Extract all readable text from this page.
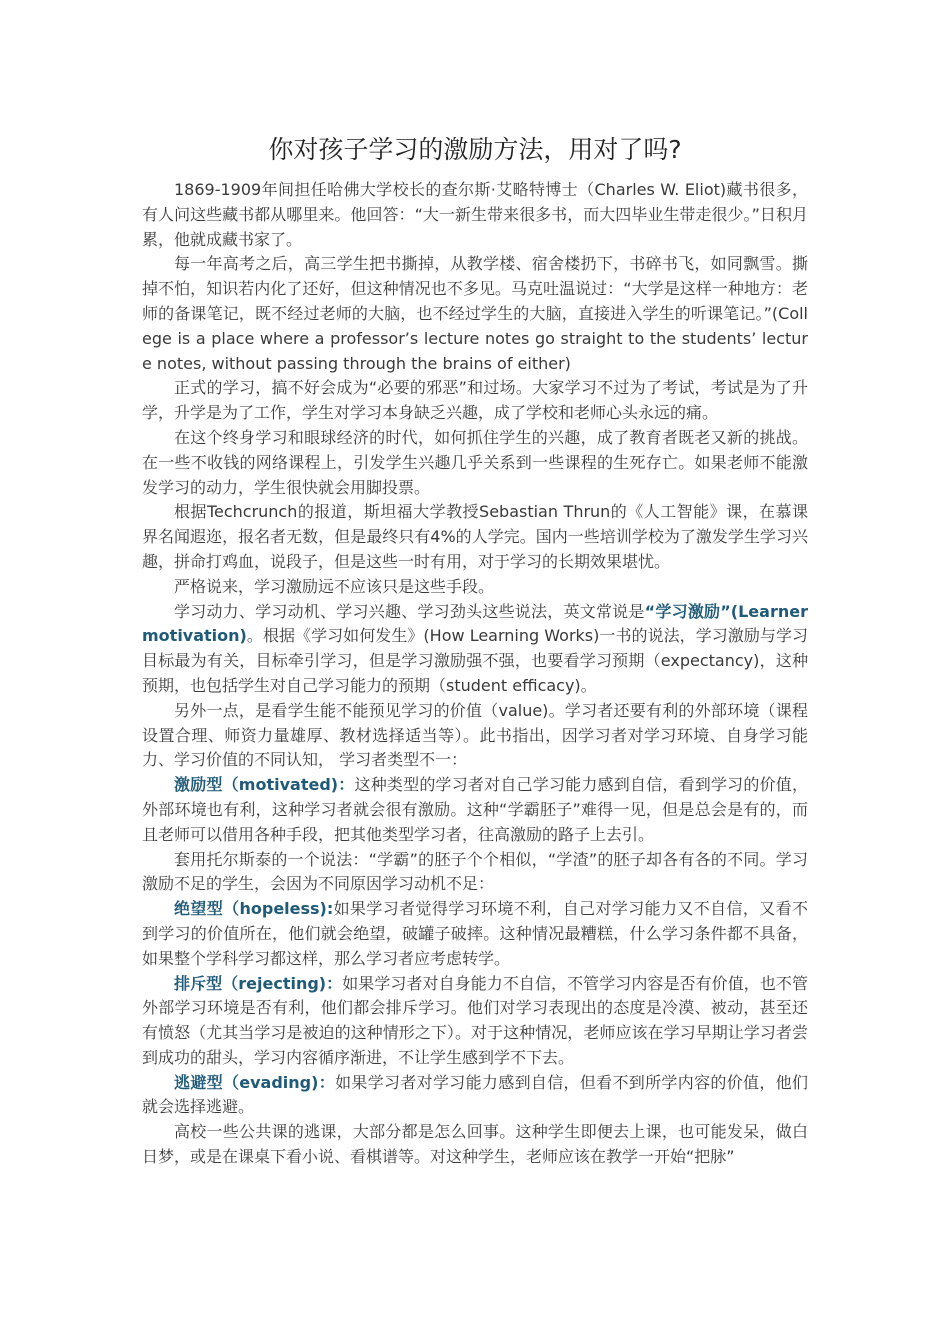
你对孩子学习的激励方法，用对了吗?

1869-1909年间担任哈佛大学校长的查尔斯·艾略特博士（Charles W. Eliot)藏书很多，有人问这些藏书都从哪里来。他回答：“大一新生带来很多书，而大四毕业生带走很少。”日积月累，他就成藏书家了。

每一年高考之后，高三学生把书撕掉，从教学楼、宿舍楼扔下，书碎书飞，如同飘雪。撕掉不怕，知识若内化了还好，但这种情况也不多见。马克吐温说过：“大学是这样一种地方：老师的备课笔记，既不经过老师的大脑，也不经过学生的大脑，直接进入学生的听课笔记。”(College is a place where a professor’s lecture notes go straight to the students’ lecture notes, without passing through the brains of either)

正式的学习，搞不好会成为“必要的邪恶”和过场。大家学习不过为了考试，考试是为了升学，升学是为了工作，学生对学习本身缺乏兴趣，成了学校和老师心头永远的痛。

在这个终身学习和眼球经济的时代，如何抓住学生的兴趣，成了教育者既老又新的挑战。在一些不收钱的网络课程上，引发学生兴趣几乎关系到一些课程的生死存亡。如果老师不能激发学习的动力，学生很快就会用脚投票。

根据Techcrunch的报道，斯坦福大学教授Sebastian Thrun的《人工智能》课，在慕课界名闻遐迩，报名者无数，但是最终只有4%的人学完。国内一些培训学校为了激发学生学习兴趣，拼命打鸡血，说段子，但是这些一时有用，对于学习的长期效果堪忧。

严格说来，学习激励远不应该只是这些手段。

学习动力、学习动机、学习兴趣、学习劲头这些说法，英文常说是“学习激励”(Learner motivation)。根据《学习如何发生》(How Learning Works)一书的说法，学习激励与学习目标最为有关，目标牵引学习，但是学习激励强不强，也要看学习预期（expectancy)，这种预期，也包括学生对自己学习能力的预期（student efficacy)。

另外一点，是看学生能不能预见学习的价值（value)。学习者还要有利的外部环境（课程设置合理、师资力量雄厚、教材选择适当等）。此书指出，因学习者对学习环境、自身学习能力、学习价值的不同认知， 学习者类型不一：

激励型（motivated)：这种类型的学习者对自己学习能力感到自信，看到学习的价值，外部环境也有利，这种学习者就会很有激励。这种“学霸胚子”难得一见，但是总会是有的，而且老师可以借用各种手段，把其他类型学习者，往高激励的路子上去引。

套用托尔斯泰的一个说法：“学霸”的胚子个个相似，“学渣”的胚子却各有各的不同。学习激励不足的学生，会因为不同原因学习动机不足：

绝望型（hopeless):如果学习者觉得学习环境不利，自己对学习能力又不自信，又看不到学习的价值所在，他们就会绝望，破罐子破摔。这种情况最糟糕，什么学习条件都不具备，如果整个学科学习都这样，那么学习者应考虑转学。

排斥型（rejecting)：如果学习者对自身能力不自信，不管学习内容是否有价值，也不管外部学习环境是否有利，他们都会排斥学习。他们对学习表现出的态度是冷漠、被动，甚至还有愤怒（尤其当学习是被迫的这种情形之下）。对于这种情况，老师应该在学习早期让学习者尝到成功的甜头，学习内容循序渐进，不让学生感到学不下去。

逃避型（evading)：如果学习者对学习能力感到自信，但看不到所学内容的价值，他们就会选择逃避。

高校一些公共课的逃课，大部分都是怎么回事。这种学生即便去上课，也可能发呆，做白日梦，或是在课桌下看小说、看棋谱等。对这种学生，老师应该在教学一开始“把脉”
